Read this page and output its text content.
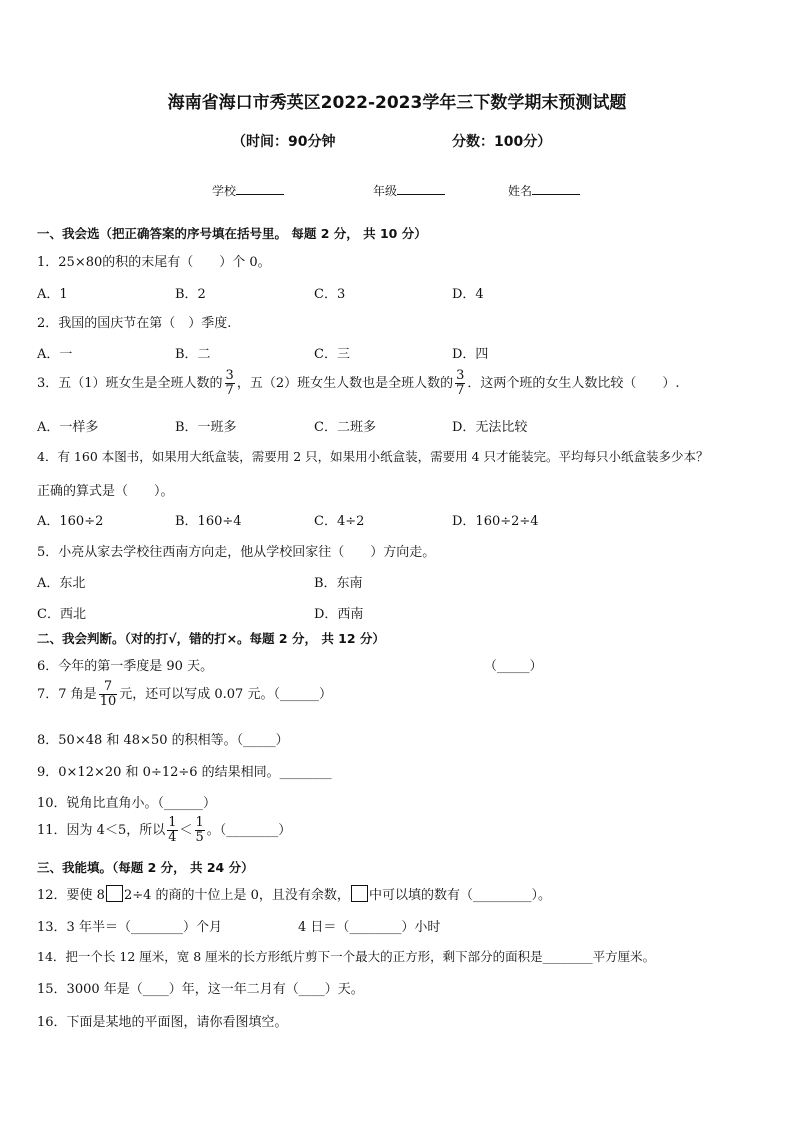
海南省海口市秀英区2022-2023学年三下数学期末预测试题
（时间：90分钟	分数：100分）
学校	年级	姓名
一、我会选（把正确答案的序号填在括号里。 每题 2 分， 共 10 分）
1．25×80的积的末尾有（　　）个 0。
A．1	B．2	C．3	D．4
2．我国的国庆节在第（　）季度.
A．一	B．二	C．三	D．四
3．五（1）班女生是全班人数的 $\frac{3}{7}$ ，五（2）班女生人数也是全班人数的 $\frac{3}{7}$ ．这两个班的女生人数比较（　　）.
A．一样多	B．一班多	C．二班多	D．无法比较
4．有 160 本图书，如果用大纸盒装，需要用 2 只，如果用小纸盒装，需要用 4 只才能装完。平均每只小纸盒装多少本？
正确的算式是（　　）。
A．160÷2	B．160÷4	C．4÷2	D．160÷2÷4
5．小亮从家去学校往西南方向走，他从学校回家往（　　）方向走。
A．东北	B．东南
C．西北	D．西南
二、我会判断。（对的打√，错的打×。每题 2 分， 共 12 分）
6．今年的第一季度是 90 天。	（_____）
7．7 角是 $\frac{7}{10}$ 元，还可以写成 0.07 元。（______）
8．50×48 和 48×50 的积相等。（_____）
9．0×12×20 和 0÷12÷6 的结果相同。________
10．锐角比直角小。（______）
11．因为 4＜5，所以 $\frac{1}{4} < \frac{1}{5}$ 。（________）
三、我能填。（每题 2 分， 共 24 分）
12．要使 8 2÷4 的商的十位上是 0，且没有余数， 中可以填的数有（_________）。
13．3 年半＝（________）个月	4 日＝（________）小时
14．把一个长 12 厘米，宽 8 厘米的长方形纸片剪下一个最大的正方形，剩下部分的面积是________平方厘米。
15．3000 年是（____）年，这一年二月有（____）天。
16．下面是某地的平面图，请你看图填空。
